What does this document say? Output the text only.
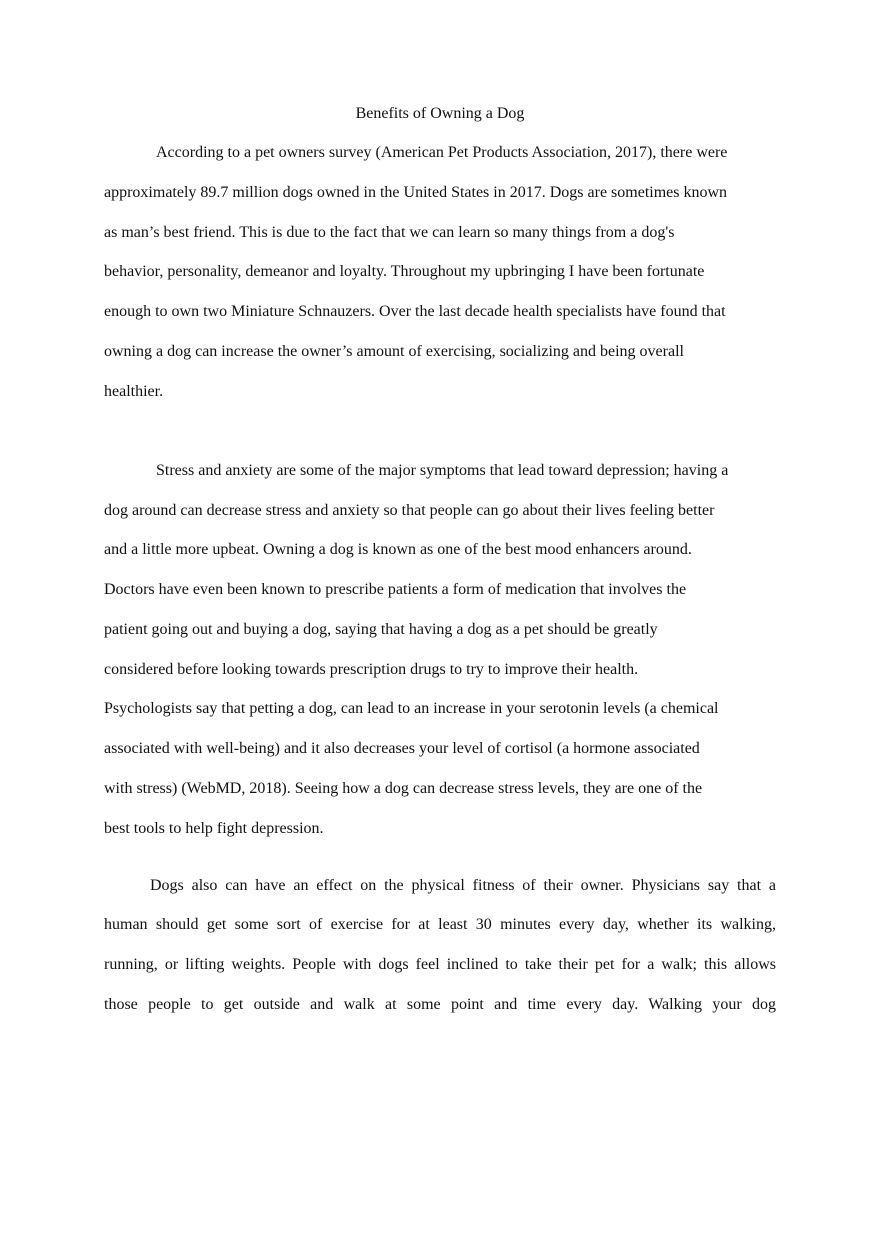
Benefits of Owning a Dog

According to a pet owners survey (American Pet Products Association, 2017), there were

approximately 89.7 million dogs owned in the United States in 2017. Dogs are sometimes known

as man’s best friend. This is due to the fact that we can learn so many things from a dog's

behavior, personality, demeanor and loyalty. Throughout my upbringing I have been fortunate

enough to own two Miniature Schnauzers. Over the last decade health specialists have found that

owning a dog can increase the owner’s amount of exercising, socializing and being overall

healthier.

Stress and anxiety are some of the major symptoms that lead toward depression; having a

dog around can decrease stress and anxiety so that people can go about their lives feeling better

and a little more upbeat. Owning a dog is known as one of the best mood enhancers around.

Doctors have even been known to prescribe patients a form of medication that involves the

patient going out and buying a dog, saying that having a dog as a pet should be greatly

considered before looking towards prescription drugs to try to improve their health.

Psychologists say that petting a dog, can lead to an increase in your serotonin levels (a chemical

associated with well-being) and it also decreases your level of cortisol (a hormone associated

with stress) (WebMD, 2018). Seeing how a dog can decrease stress levels, they are one of the

best tools to help fight depression.

Dogs also can have an effect on the physical fitness of their owner. Physicians say that a

human should get some sort of exercise for at least 30 minutes every day, whether its walking,

running, or lifting weights. People with dogs feel inclined to take their pet for a walk; this allows

those people to get outside and walk at some point and time every day. Walking your dog
